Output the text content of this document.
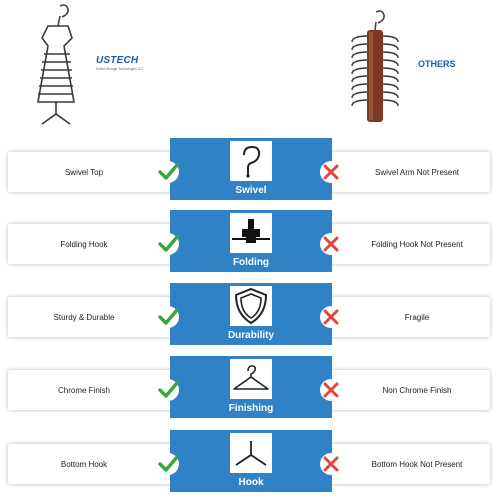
USTECH
United Storage Technologies LLC	OTHERS
Swivel Top	Swivel Arm Not Present
Swivel
Folding Hook	Folding Hook Not Present
Folding
Sturdy & Durable	Fragile
Durability
Chrome Finish	Non Chrome Finish
Finishing
Bottom Hook	Bottom Hook Not Present
Hook
